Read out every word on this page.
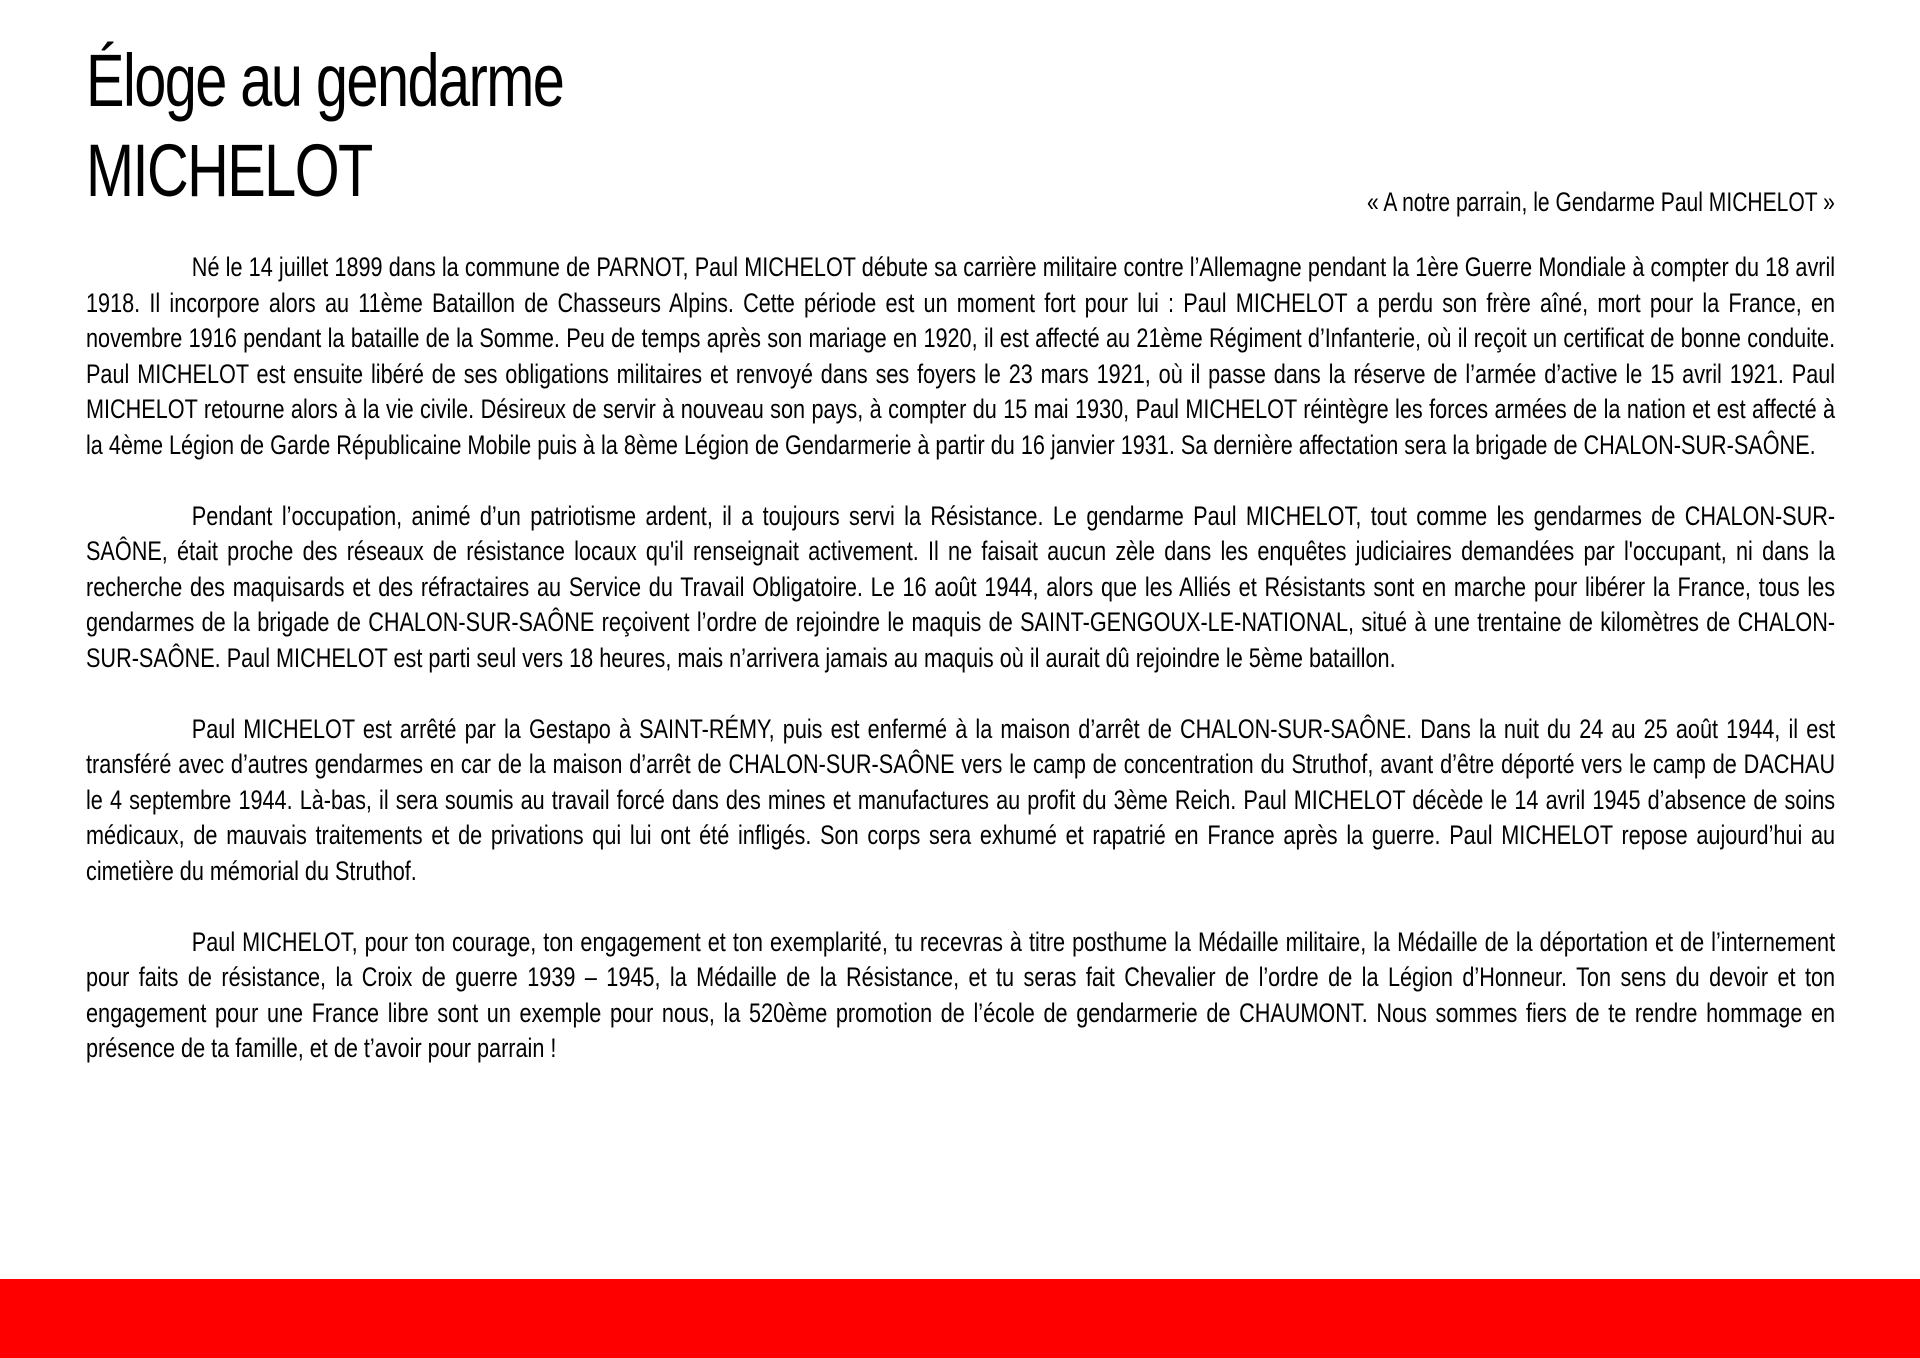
Éloge au gendarme
MICHELOT	« A notre parrain, le Gendarme Paul MICHELOT »

Né le 14 juillet 1899 dans la commune de PARNOT, Paul MICHELOT débute sa carrière militaire contre l’Allemagne pendant la 1ère Guerre Mondiale à compter du 18 avril 1918. Il incorpore alors au 11ème Bataillon de Chasseurs Alpins. Cette période est un moment fort pour lui : Paul MICHELOT a perdu son frère aîné, mort pour la France, en novembre 1916 pendant la bataille de la Somme. Peu de temps après son mariage en 1920, il est affecté au 21ème Régiment d’Infanterie, où il reçoit un certificat de bonne conduite. Paul MICHELOT est ensuite libéré de ses obligations militaires et renvoyé dans ses foyers le 23 mars 1921, où il passe dans la réserve de l’armée d’active le 15 avril 1921. Paul MICHELOT retourne alors à la vie civile. Désireux de servir à nouveau son pays, à compter du 15 mai 1930, Paul MICHELOT réintègre les forces armées de la nation et est affecté à la 4ème Légion de Garde Républicaine Mobile puis à la 8ème Légion de Gendarmerie à partir du 16 janvier 1931. Sa dernière affectation sera la brigade de CHALON-SUR-SAÔNE.

Pendant l’occupation, animé d’un patriotisme ardent, il a toujours servi la Résistance. Le gendarme Paul MICHELOT, tout comme les gendarmes de CHALON-SUR-SAÔNE, était proche des réseaux de résistance locaux qu'il renseignait activement. Il ne faisait aucun zèle dans les enquêtes judiciaires demandées par l'occupant, ni dans la recherche des maquisards et des réfractaires au Service du Travail Obligatoire. Le 16 août 1944, alors que les Alliés et Résistants sont en marche pour libérer la France, tous les gendarmes de la brigade de CHALON-SUR-SAÔNE reçoivent l’ordre de rejoindre le maquis de SAINT-GENGOUX-LE-NATIONAL, situé à une trentaine de kilomètres de CHALON-SUR-SAÔNE. Paul MICHELOT est parti seul vers 18 heures, mais n’arrivera jamais au maquis où il aurait dû rejoindre le 5ème bataillon.

Paul MICHELOT est arrêté par la Gestapo à SAINT-RÉMY, puis est enfermé à la maison d’arrêt de CHALON-SUR-SAÔNE. Dans la nuit du 24 au 25 août 1944, il est transféré avec d’autres gendarmes en car de la maison d’arrêt de CHALON-SUR-SAÔNE vers le camp de concentration du Struthof, avant d’être déporté vers le camp de DACHAU le 4 septembre 1944. Là-bas, il sera soumis au travail forcé dans des mines et manufactures au profit du 3ème Reich. Paul MICHELOT décède le 14 avril 1945 d’absence de soins médicaux, de mauvais traitements et de privations qui lui ont été infligés. Son corps sera exhumé et rapatrié en France après la guerre. Paul MICHELOT repose aujourd’hui au cimetière du mémorial du Struthof.

Paul MICHELOT, pour ton courage, ton engagement et ton exemplarité, tu recevras à titre posthume la Médaille militaire, la Médaille de la déportation et de l’internement pour faits de résistance, la Croix de guerre 1939 – 1945, la Médaille de la Résistance, et tu seras fait Chevalier de l’ordre de la Légion d’Honneur. Ton sens du devoir et ton engagement pour une France libre sont un exemple pour nous, la 520ème promotion de l’école de gendarmerie de CHAUMONT. Nous sommes fiers de te rendre hommage en présence de ta famille, et de t’avoir pour parrain !
